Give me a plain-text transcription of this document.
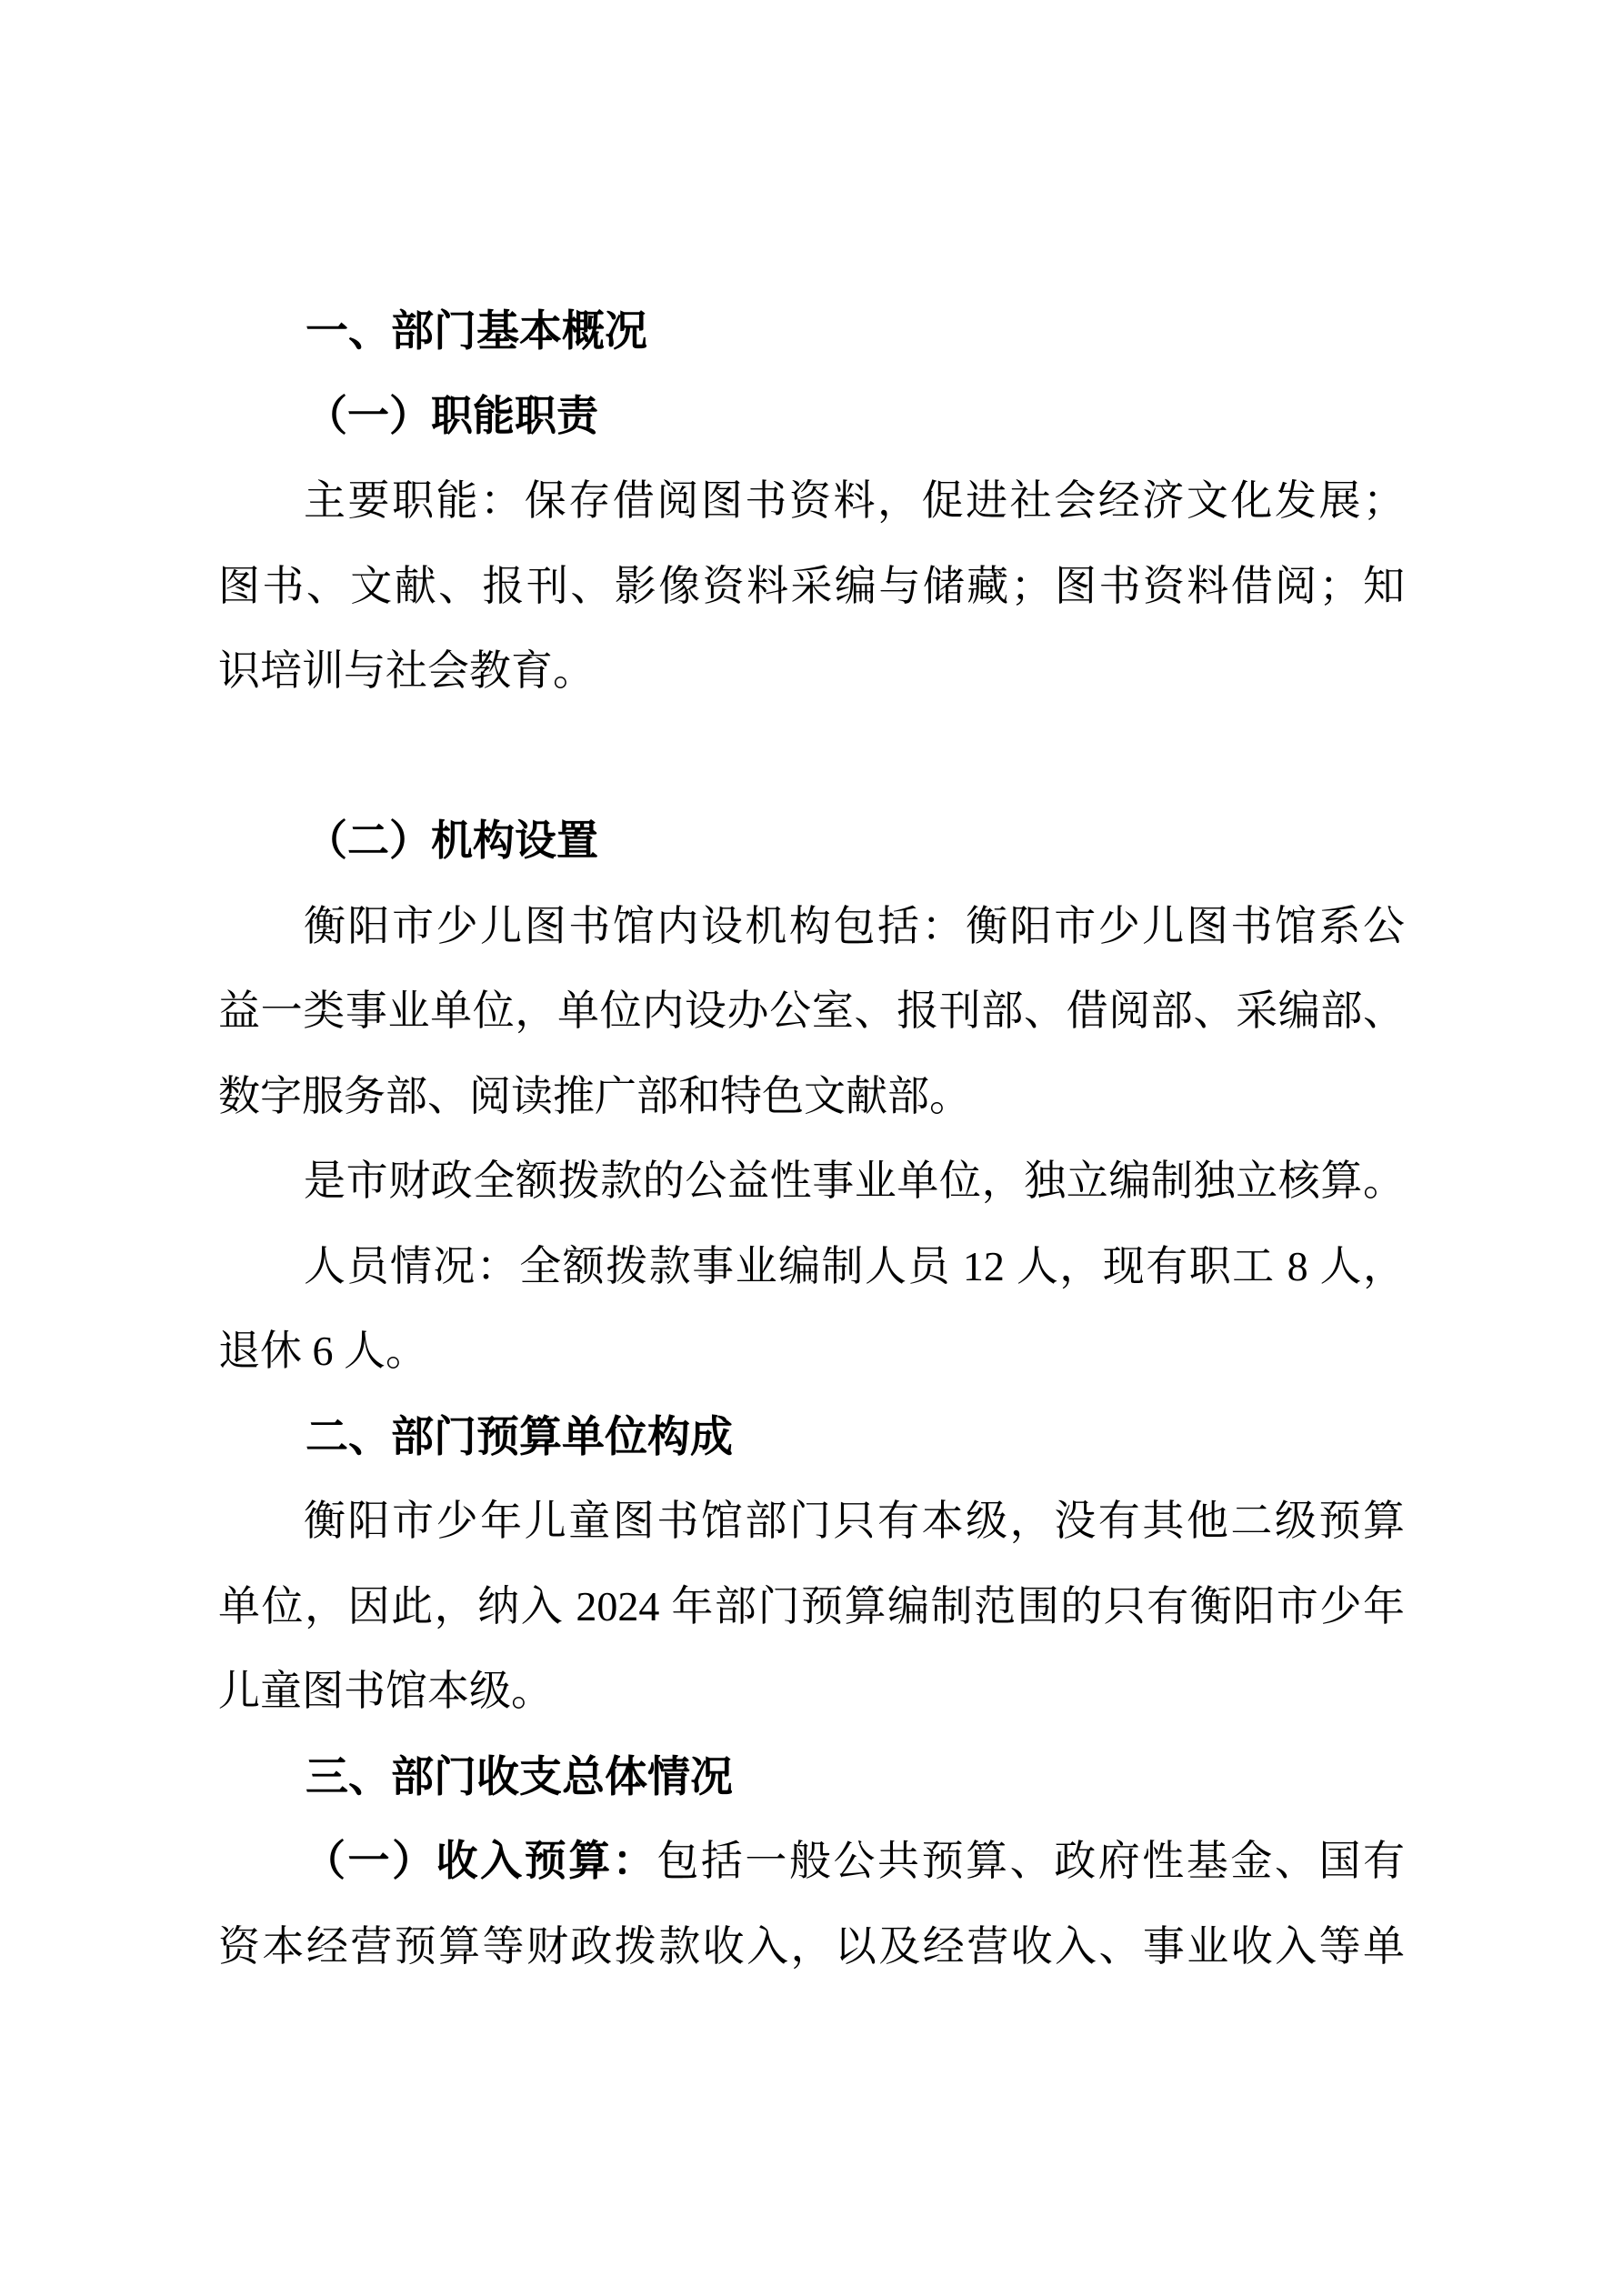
一、部门基本概况
（一）职能职责
主要职能：保存借阅图书资料，促进社会经济文化发展；
图书、文献、报刊、影像资料采编与储藏；图书资料借阅；知
识培训与社会教育。
（二）机构设置
衡阳市少儿图书馆内设机构包括：衡阳市少儿图书馆系公
益一类事业单位，单位内设办公室、报刊部、借阅部、采编部、
数字服务部、阅读推广部和特色文献部。
是市财政全额拨款的公益性事业单位，独立编制独立核算。
人员情况：全额拨款事业编制人员 12 人，现有职工 8 人，
退休 6 人。
二、部门预算单位构成
衡阳市少年儿童图书馆部门只有本级，没有其他二级预算
单位，因此，纳入 2024 年部门预算编制范围的只有衡阳市少年
儿童图书馆本级。
三、部门收支总体情况
（一）收入预算：包括一般公共预算、政府性基金、国有
资本经营预算等财政拨款收入，以及经营收入、事业收入等单
